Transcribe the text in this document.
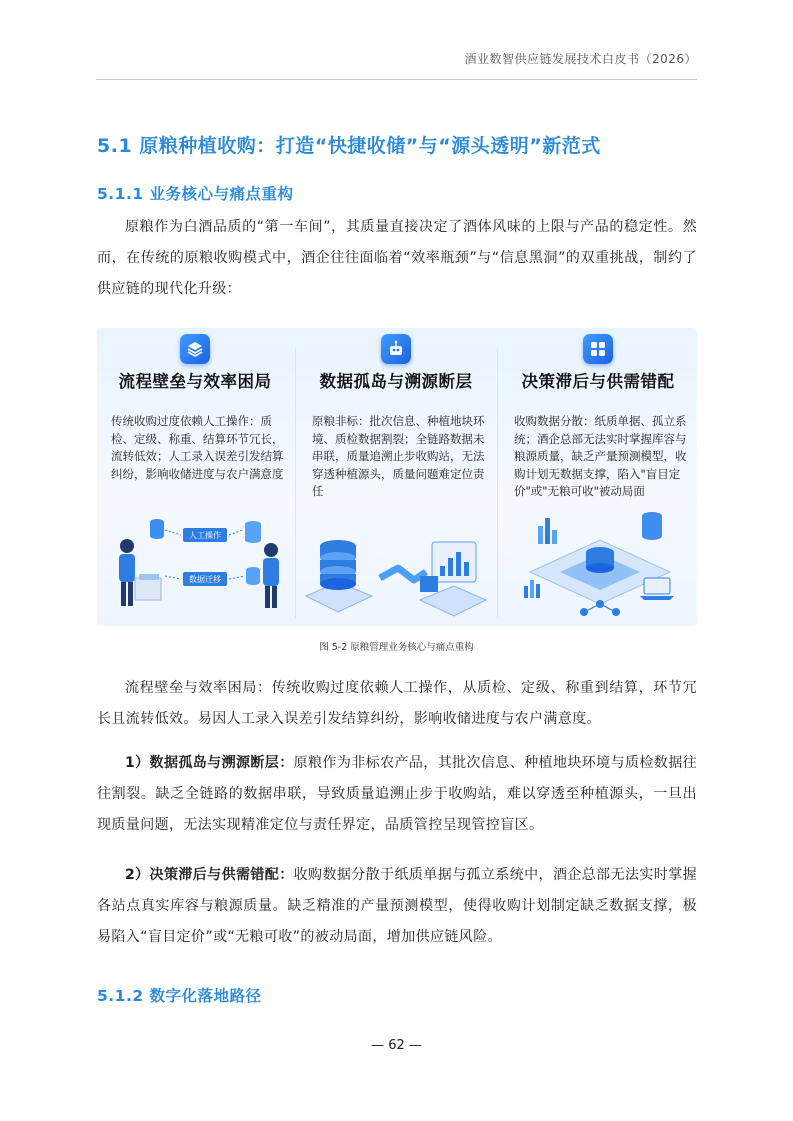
酒业数智供应链发展技术白皮书（2026）
5.1 原粮种植收购：打造“快捷收储”与“源头透明”新范式
5.1.1 业务核心与痛点重构
原粮作为白酒品质的“第一车间”，其质量直接决定了酒体风味的上限与产品的稳定性。然而，在传统的原粮收购模式中，酒企往往面临着“效率瓶颈”与“信息黑洞”的双重挑战，制约了供应链的现代化升级：
流程壁垒与效率困局
传统收购过度依赖人工操作：质检、定级、称重、结算环节冗长，流转低效；人工录入误差引发结算纠纷，影响收储进度与农户满意度
人工操作
数据迁移
数据孤岛与溯源断层
原粮非标：批次信息、种植地块环境、质检数据割裂；全链路数据未串联，质量追溯止步收购站，无法穿透种植源头，质量问题难定位责任
决策滞后与供需错配
收购数据分散：纸质单据、孤立系统；酒企总部无法实时掌握库容与粮源质量，缺乏产量预测模型，收购计划无数据支撑，陷入"盲目定价"或"无粮可收"被动局面
图 5-2 原粮管理业务核心与痛点重构
流程壁垒与效率困局：传统收购过度依赖人工操作，从质检、定级、称重到结算，环节冗长且流转低效。易因人工录入误差引发结算纠纷，影响收储进度与农户满意度。
1）数据孤岛与溯源断层：原粮作为非标农产品，其批次信息、种植地块环境与质检数据往往割裂。缺乏全链路的数据串联，导致质量追溯止步于收购站，难以穿透至种植源头，一旦出现质量问题，无法实现精准定位与责任界定，品质管控呈现管控盲区。
2）决策滞后与供需错配：收购数据分散于纸质单据与孤立系统中，酒企总部无法实时掌握各站点真实库容与粮源质量。缺乏精准的产量预测模型，使得收购计划制定缺乏数据支撑，极易陷入“盲目定价”或“无粮可收”的被动局面，增加供应链风险。
5.1.2 数字化落地路径
— 62 —
